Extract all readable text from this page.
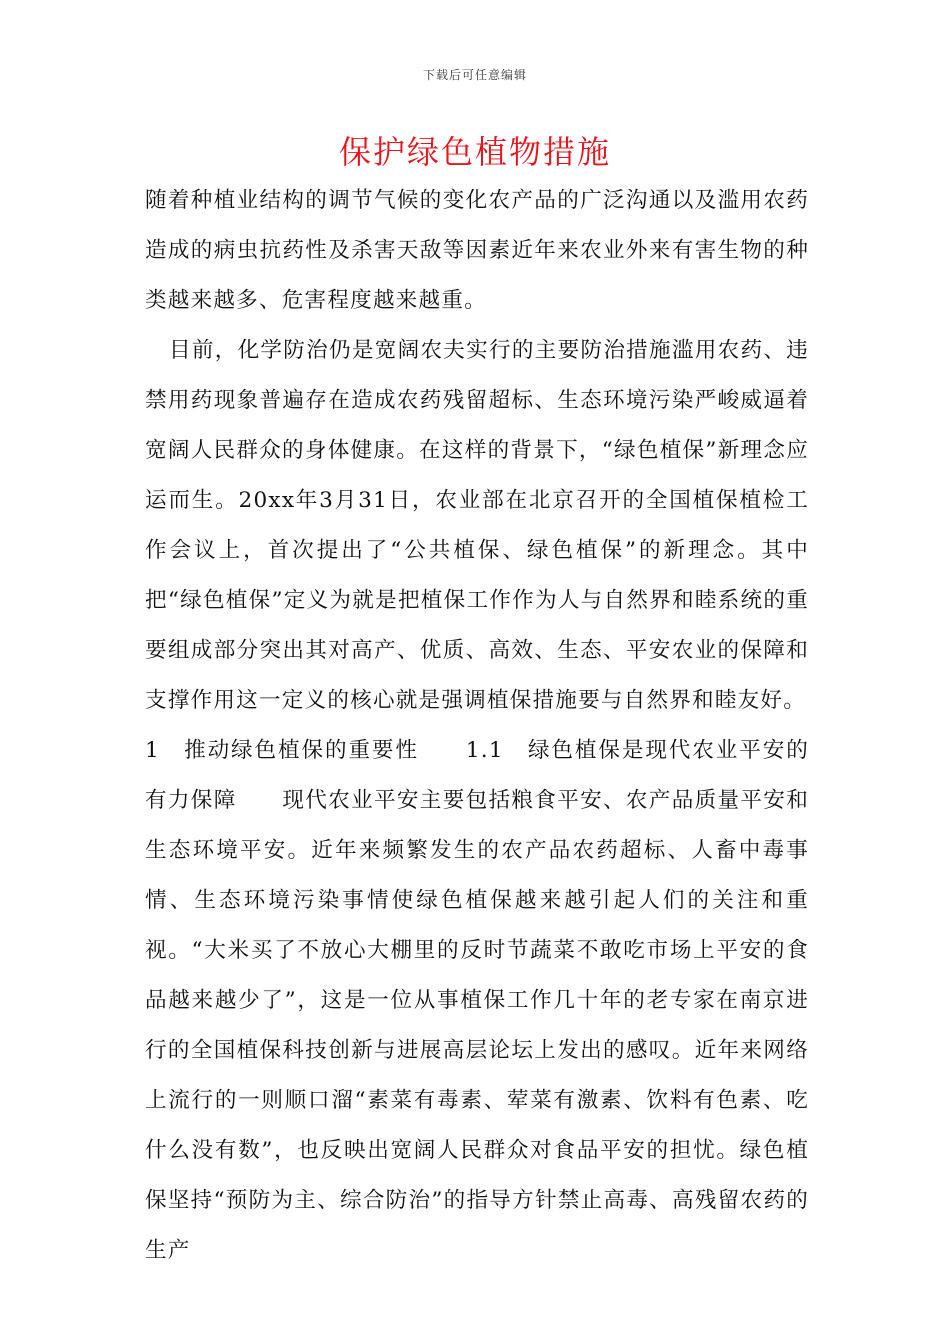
下载后可任意编辑
保护绿色植物措施

随着种植业结构的调节气候的变化农产品的广泛沟通以及滥用农药造成的病虫抗药性及杀害天敌等因素近年来农业外来有害生物的种类越来越多、危害程度越来越重。

目前，化学防治仍是宽阔农夫实行的主要防治措施滥用农药、违禁用药现象普遍存在造成农药残留超标、生态环境污染严峻威逼着宽阔人民群众的身体健康。在这样的背景下，“绿色植保”新理念应运而生。20xx年3月31日，农业部在北京召开的全国植保植检工作会议上，首次提出了“公共植保、绿色植保”的新理念。其中把“绿色植保”定义为就是把植保工作作为人与自然界和睦系统的重要组成部分突出其对高产、优质、高效、生态、平安农业的保障和支撑作用这一定义的核心就是强调植保措施要与自然界和睦友好。

1　推动绿色植保的重要性　　1.1　绿色植保是现代农业平安的有力保障　　现代农业平安主要包括粮食平安、农产品质量平安和生态环境平安。近年来频繁发生的农产品农药超标、人畜中毒事情、生态环境污染事情使绿色植保越来越引起人们的关注和重视。“大米买了不放心大棚里的反时节蔬菜不敢吃市场上平安的食品越来越少了”，这是一位从事植保工作几十年的老专家在南京进行的全国植保科技创新与进展高层论坛上发出的感叹。近年来网络上流行的一则顺口溜“素菜有毒素、荤菜有激素、饮料有色素、吃什么没有数”，也反映出宽阔人民群众对食品平安的担忧。绿色植保坚持“预防为主、综合防治”的指导方针禁止高毒、高残留农药的生产
